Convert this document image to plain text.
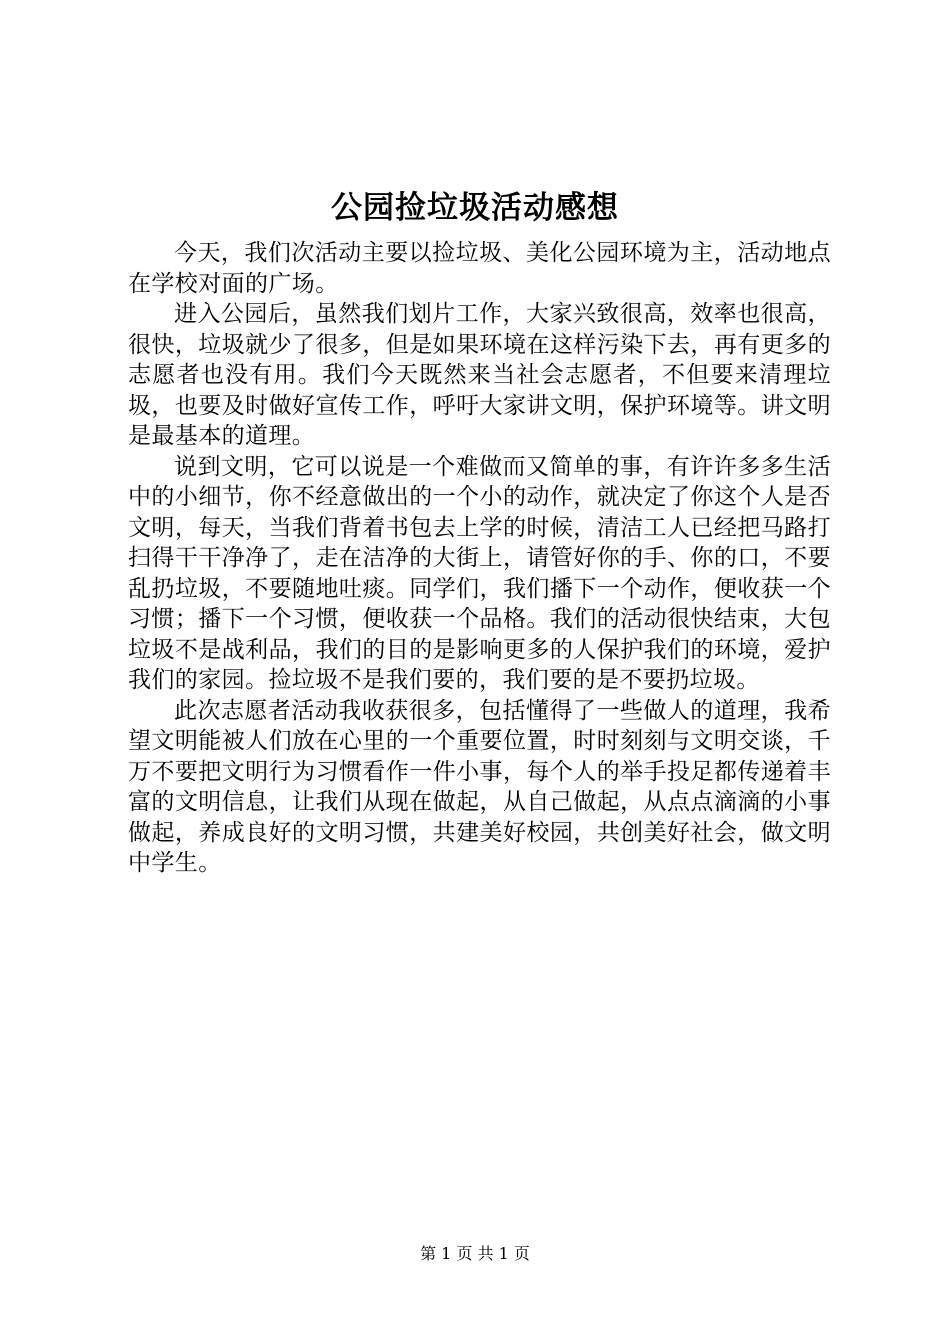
公园捡垃圾活动感想

今天，我们次活动主要以捡垃圾、美化公园环境为主，活动地点在学校对面的广场。

进入公园后，虽然我们划片工作，大家兴致很高，效率也很高，很快，垃圾就少了很多，但是如果环境在这样污染下去，再有更多的志愿者也没有用。我们今天既然来当社会志愿者，不但要来清理垃圾，也要及时做好宣传工作，呼吁大家讲文明，保护环境等。讲文明是最基本的道理。

说到文明，它可以说是一个难做而又简单的事，有许许多多生活中的小细节，你不经意做出的一个小的动作，就决定了你这个人是否文明，每天，当我们背着书包去上学的时候，清洁工人已经把马路打扫得干干净净了，走在洁净的大街上，请管好你的手、你的口，不要乱扔垃圾，不要随地吐痰。同学们，我们播下一个动作，便收获一个习惯；播下一个习惯，便收获一个品格。我们的活动很快结束，大包垃圾不是战利品，我们的目的是影响更多的人保护我们的环境，爱护我们的家园。捡垃圾不是我们要的，我们要的是不要扔垃圾。

此次志愿者活动我收获很多，包括懂得了一些做人的道理，我希望文明能被人们放在心里的一个重要位置，时时刻刻与文明交谈，千万不要把文明行为习惯看作一件小事，每个人的举手投足都传递着丰富的文明信息，让我们从现在做起，从自己做起，从点点滴滴的小事做起，养成良好的文明习惯，共建美好校园，共创美好社会，做文明中学生。

第 1 页 共 1 页
